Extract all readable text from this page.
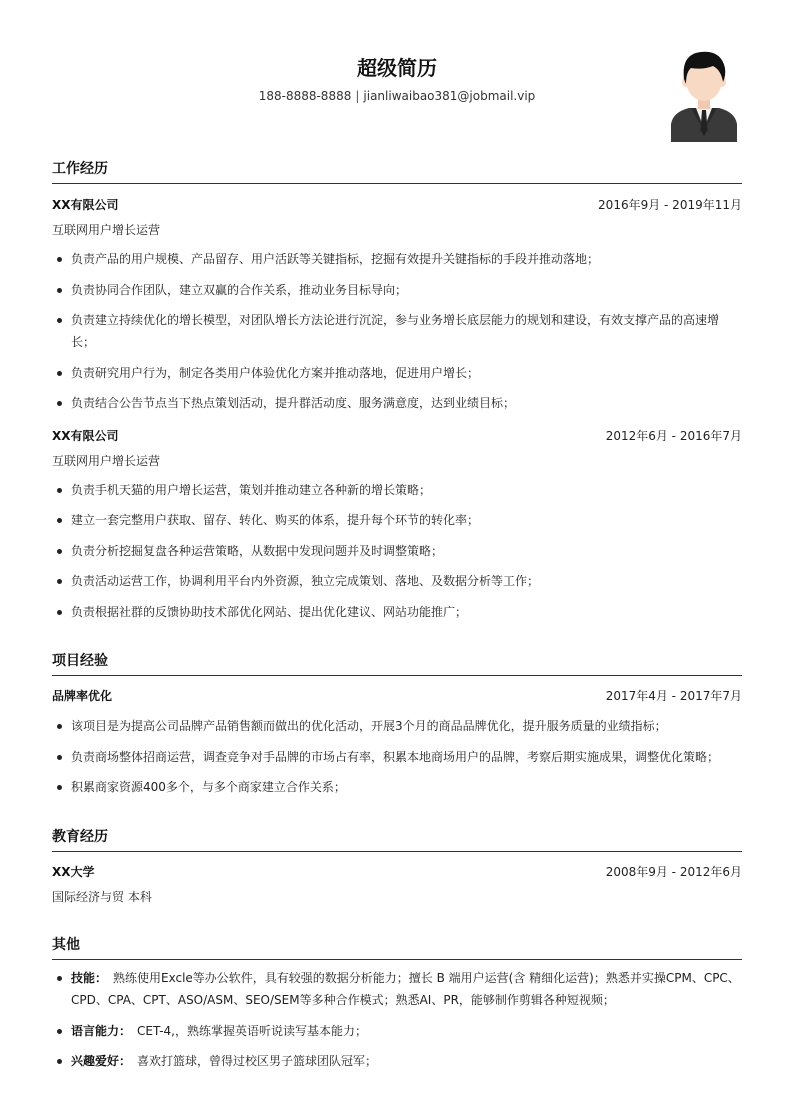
超级简历
188-8888-8888 | jianliwaibao381@jobmail.vip
工作经历
XX有限公司	2016年9月 - 2019年11月
互联网用户增长运营
负责产品的用户规模、产品留存、用户活跃等关键指标，挖掘有效提升关键指标的手段并推动落地；
负责协同合作团队，建立双赢的合作关系，推动业务目标导向；
负责建立持续优化的增长模型，对团队增长方法论进行沉淀，参与业务增长底层能力的规划和建设，有效支撑产品的高速增长；
负责研究用户行为，制定各类用户体验优化方案并推动落地，促进用户增长；
负责结合公告节点当下热点策划活动，提升群活动度、服务满意度，达到业绩目标；
XX有限公司	2012年6月 - 2016年7月
互联网用户增长运营
负责手机天猫的用户增长运营，策划并推动建立各种新的增长策略；
建立一套完整用户获取、留存、转化、购买的体系，提升每个环节的转化率；
负责分析挖掘复盘各种运营策略，从数据中发现问题并及时调整策略；
负责活动运营工作，协调利用平台内外资源，独立完成策划、落地、及数据分析等工作；
负责根据社群的反馈协助技术部优化网站、提出优化建议、网站功能推广；
项目经验
品牌率优化	2017年4月 - 2017年7月
该项目是为提高公司品牌产品销售额而做出的优化活动，开展3个月的商品品牌优化，提升服务质量的业绩指标；
负责商场整体招商运营，调查竞争对手品牌的市场占有率，积累本地商场用户的品牌，考察后期实施成果，调整优化策略；
积累商家资源400多个，与多个商家建立合作关系；
教育经历
XX大学	2008年9月 - 2012年6月
国际经济与贸 本科
其他
技能： 熟练使用Excle等办公软件，具有较强的数据分析能力；擅长 B 端用户运营(含 精细化运营)；熟悉并实操CPM、CPC、CPD、CPA、CPT、ASO/ASM、SEO/SEM等多种合作模式；熟悉AI、PR，能够制作剪辑各种短视频；
语言能力： CET-4,，熟练掌握英语听说读写基本能力；
兴趣爱好： 喜欢打篮球，曾得过校区男子篮球团队冠军；
